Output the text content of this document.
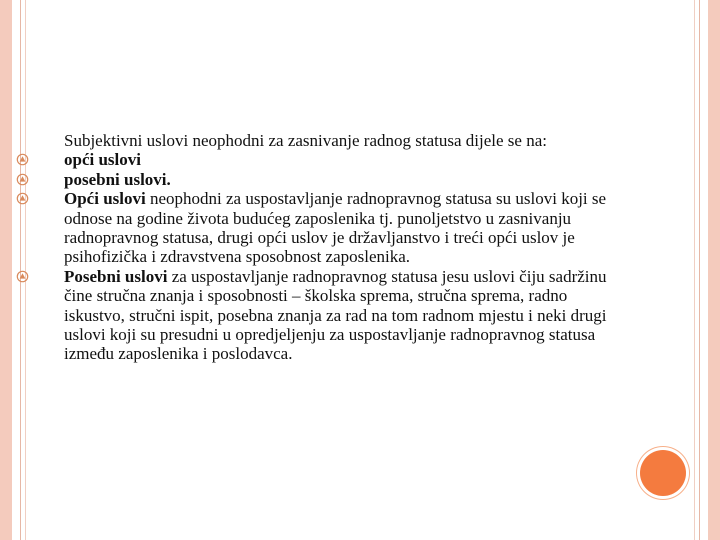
Subjektivni uslovi neophodni za zasnivanje radnog statusa dijele se na:

opći uslovi
posebni uslovi.
Opći uslovi neophodni za uspostavljanje radnopravnog statusa su uslovi koji se odnose na godine života budućeg zaposlenika tj. punoljetstvo u zasnivanju radnopravnog statusa, drugi opći uslov je državljanstvo i treći opći uslov je psihofizička i zdravstvena sposobnost zaposlenika.
Posebni uslovi za uspostavljanje radnopravnog statusa jesu uslovi čiju sadržinu čine stručna znanja i sposobnosti – školska sprema, stručna sprema, radno iskustvo, stručni ispit, posebna znanja za rad na tom radnom mjestu i neki drugi uslovi koji su presudni u opredjeljenju za uspostavljanje radnopravnog statusa između zaposlenika i poslodavca.
